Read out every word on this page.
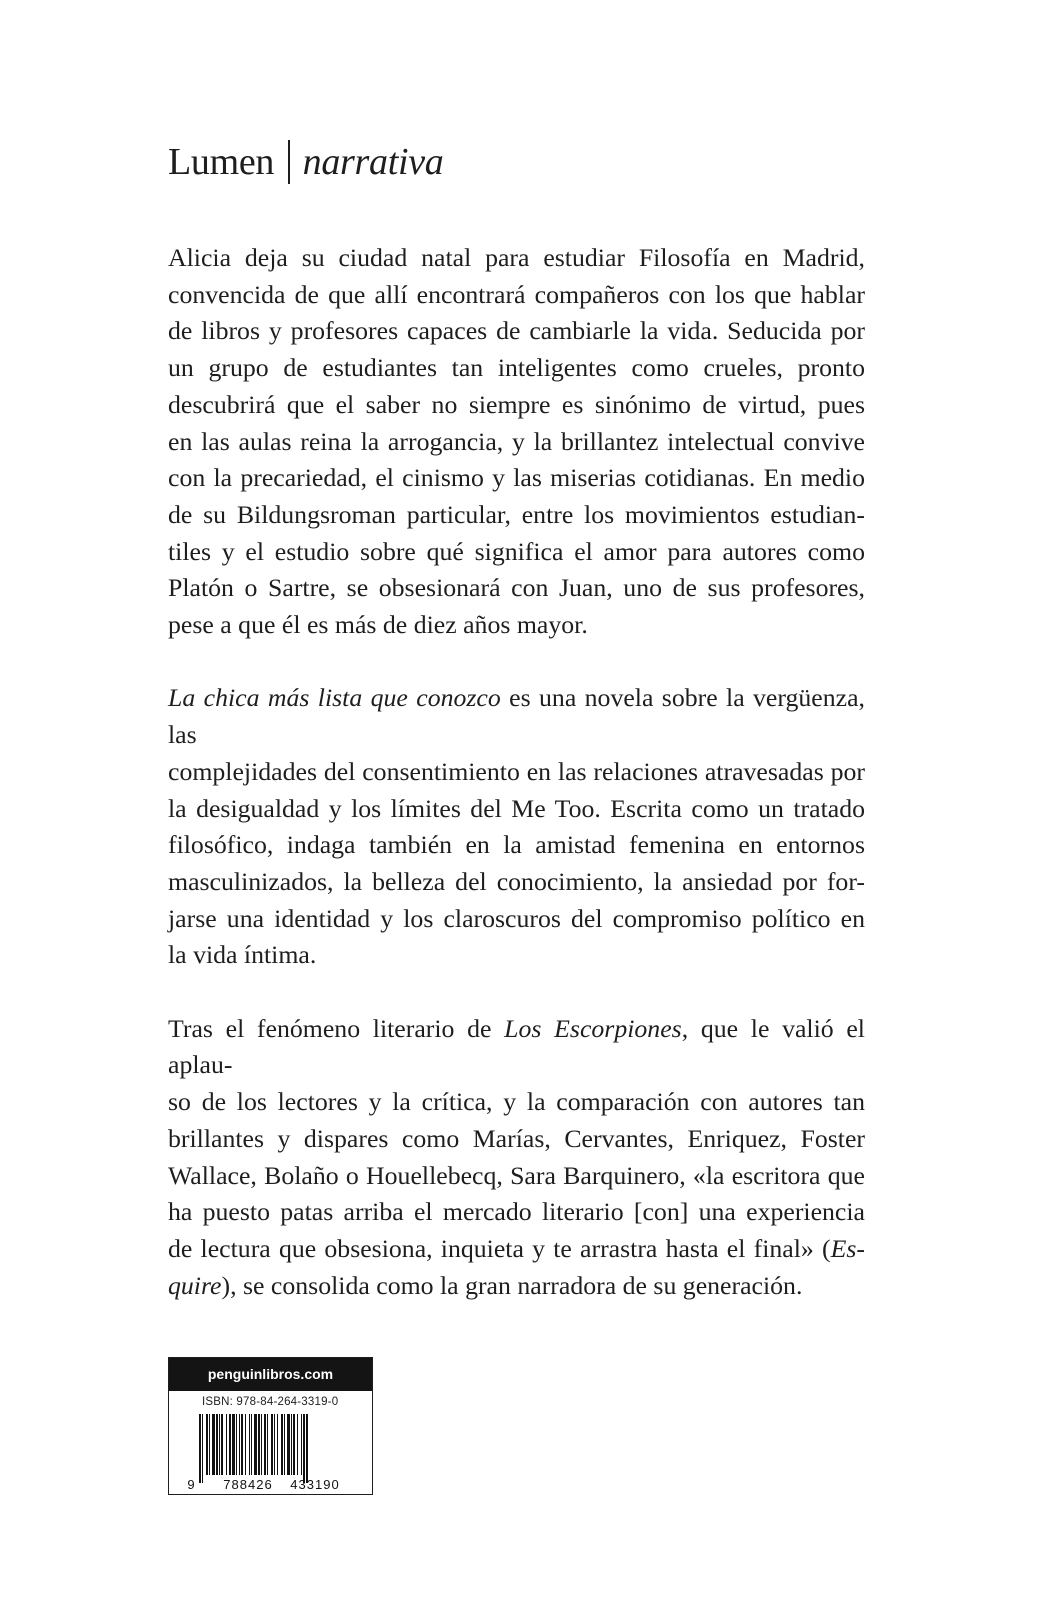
Lumen narrativa

Alicia deja su ciudad natal para estudiar Filosofía en Madrid,
convencida de que allí encontrará compañeros con los que hablar
de libros y profesores capaces de cambiarle la vida. Seducida por
un grupo de estudiantes tan inteligentes como crueles, pronto
descubrirá que el saber no siempre es sinónimo de virtud, pues
en las aulas reina la arrogancia, y la brillantez intelectual convive
con la precariedad, el cinismo y las miserias cotidianas. En medio
de su Bildungsroman particular, entre los movimientos estudian-
tiles y el estudio sobre qué significa el amor para autores como
Platón o Sartre, se obsesionará con Juan, uno de sus profesores,
pese a que él es más de diez años mayor.

La chica más lista que conozco es una novela sobre la vergüenza, las
complejidades del consentimiento en las relaciones atravesadas por
la desigualdad y los límites del Me Too. Escrita como un tratado
filosófico, indaga también en la amistad femenina en entornos
masculinizados, la belleza del conocimiento, la ansiedad por for-
jarse una identidad y los claroscuros del compromiso político en
la vida íntima.

Tras el fenómeno literario de Los Escorpiones, que le valió el aplau-
so de los lectores y la crítica, y la comparación con autores tan
brillantes y dispares como Marías, Cervantes, Enriquez, Foster
Wallace, Bolaño o Houellebecq, Sara Barquinero, «la escritora que
ha puesto patas arriba el mercado literario [con] una experiencia
de lectura que obsesiona, inquieta y te arrastra hasta el final» (Es-
quire), se consolida como la gran narradora de su generación.

penguinlibros.com
ISBN: 978-84-264-3319-0
9 788426 433190
